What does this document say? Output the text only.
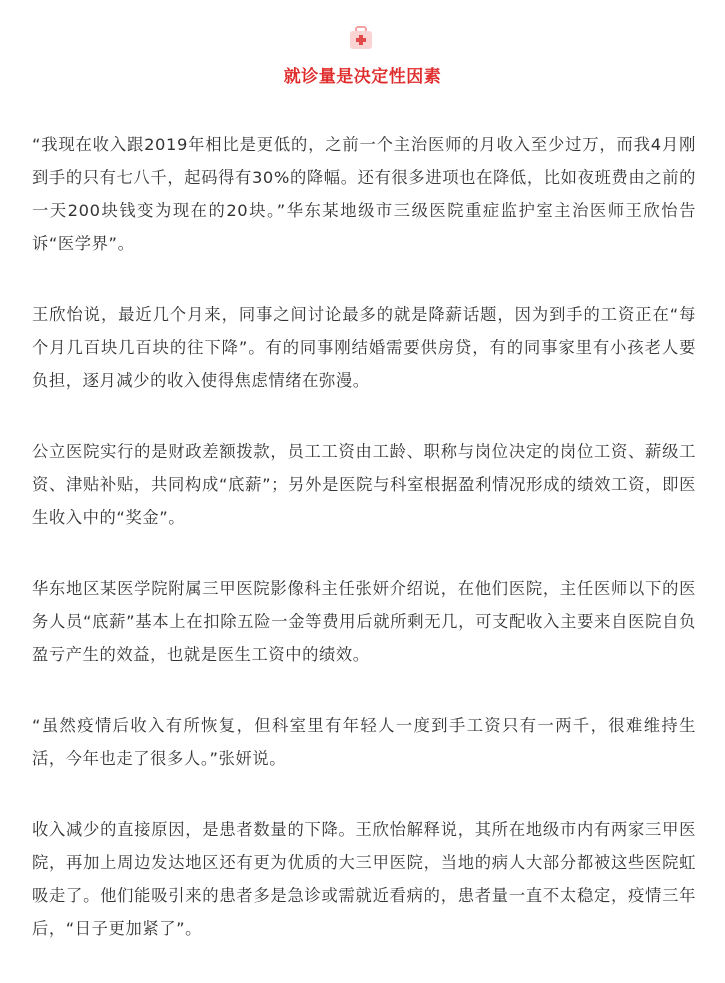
就诊量是决定性因素

“我现在收入跟2019年相比是更低的，之前一个主治医师的月收入至少过万，而我4月刚到手的只有七八千，起码得有30%的降幅。还有很多进项也在降低，比如夜班费由之前的一天200块钱变为现在的20块。”华东某地级市三级医院重症监护室主治医师王欣怡告诉“医学界”。

王欣怡说，最近几个月来，同事之间讨论最多的就是降薪话题，因为到手的工资正在“每个月几百块几百块的往下降”。有的同事刚结婚需要供房贷，有的同事家里有小孩老人要负担，逐月减少的收入使得焦虑情绪在弥漫。

公立医院实行的是财政差额拨款，员工工资由工龄、职称与岗位决定的岗位工资、薪级工资、津贴补贴，共同构成“底薪”；另外是医院与科室根据盈利情况形成的绩效工资，即医生收入中的“奖金”。

华东地区某医学院附属三甲医院影像科主任张妍介绍说，在他们医院，主任医师以下的医务人员“底薪”基本上在扣除五险一金等费用后就所剩无几，可支配收入主要来自医院自负盈亏产生的效益，也就是医生工资中的绩效。

“虽然疫情后收入有所恢复，但科室里有年轻人一度到手工资只有一两千，很难维持生活，今年也走了很多人。”张妍说。

收入减少的直接原因，是患者数量的下降。王欣怡解释说，其所在地级市内有两家三甲医院，再加上周边发达地区还有更为优质的大三甲医院，当地的病人大部分都被这些医院虹吸走了。他们能吸引来的患者多是急诊或需就近看病的，患者量一直不太稳定，疫情三年后，“日子更加紧了”。
